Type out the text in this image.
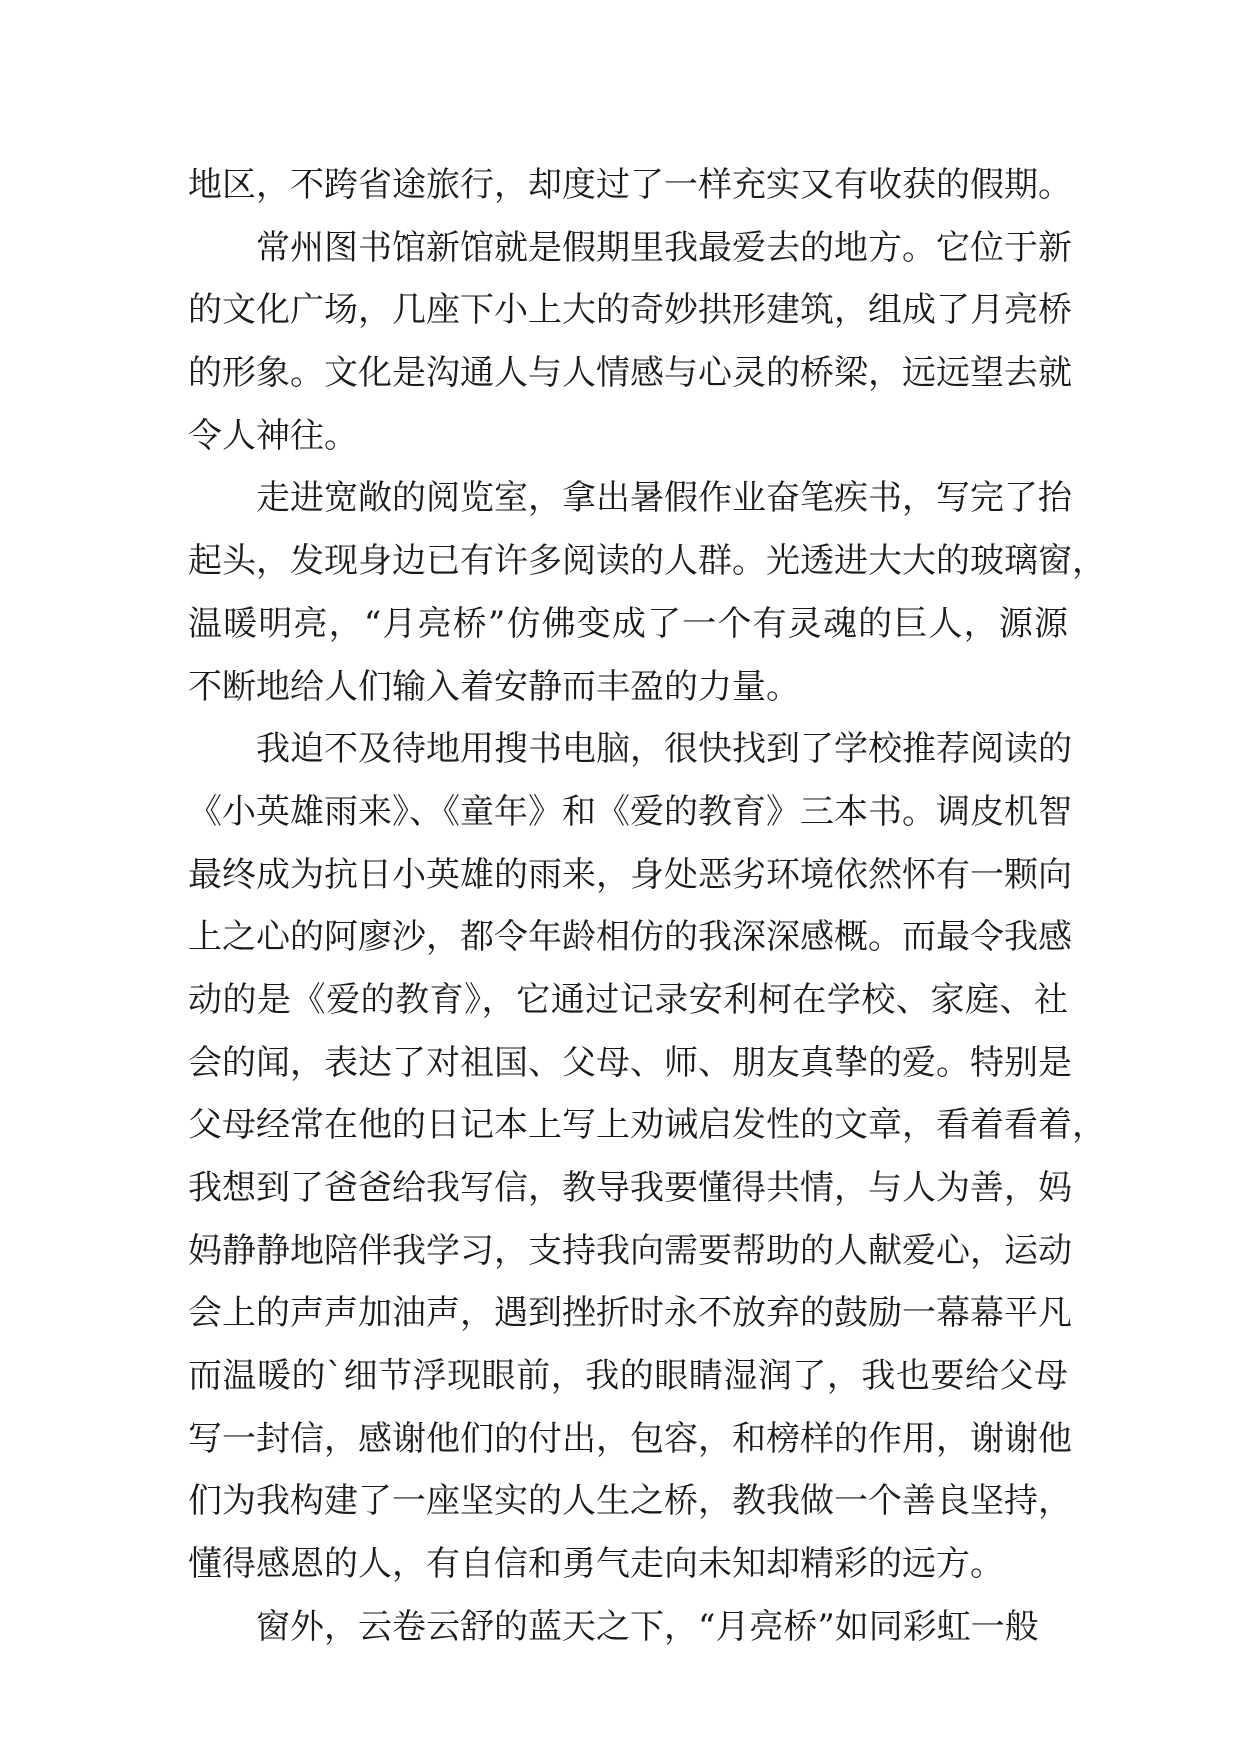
地区，不跨省途旅行，却度过了一样充实又有收获的假期。
常州图书馆新馆就是假期里我最爱去的地方。它位于新
的文化广场，几座下小上大的奇妙拱形建筑，组成了月亮桥
的形象。文化是沟通人与人情感与心灵的桥梁，远远望去就
令人神往。
走进宽敞的阅览室，拿出暑假作业奋笔疾书，写完了抬
起头，发现身边已有许多阅读的人群。光透进大大的玻璃窗，
温暖明亮，“月亮桥”仿佛变成了一个有灵魂的巨人，源源
不断地给人们输入着安静而丰盈的力量。
我迫不及待地用搜书电脑，很快找到了学校推荐阅读的
《小英雄雨来》、《童年》和《爱的教育》三本书。调皮机智
最终成为抗日小英雄的雨来，身处恶劣环境依然怀有一颗向
上之心的阿廖沙，都令年龄相仿的我深深感概。而最令我感
动的是《爱的教育》，它通过记录安利柯在学校、家庭、社
会的闻，表达了对祖国、父母、师、朋友真挚的爱。特别是
父母经常在他的日记本上写上劝诫启发性的文章，看着看着，
我想到了爸爸给我写信，教导我要懂得共情，与人为善，妈
妈静静地陪伴我学习，支持我向需要帮助的人献爱心，运动
会上的声声加油声，遇到挫折时永不放弃的鼓励一幕幕平凡
而温暖的`细节浮现眼前，我的眼睛湿润了，我也要给父母
写一封信，感谢他们的付出，包容，和榜样的作用，谢谢他
们为我构建了一座坚实的人生之桥，教我做一个善良坚持，
懂得感恩的人，有自信和勇气走向未知却精彩的远方。
窗外，云卷云舒的蓝天之下，“月亮桥”如同彩虹一般
